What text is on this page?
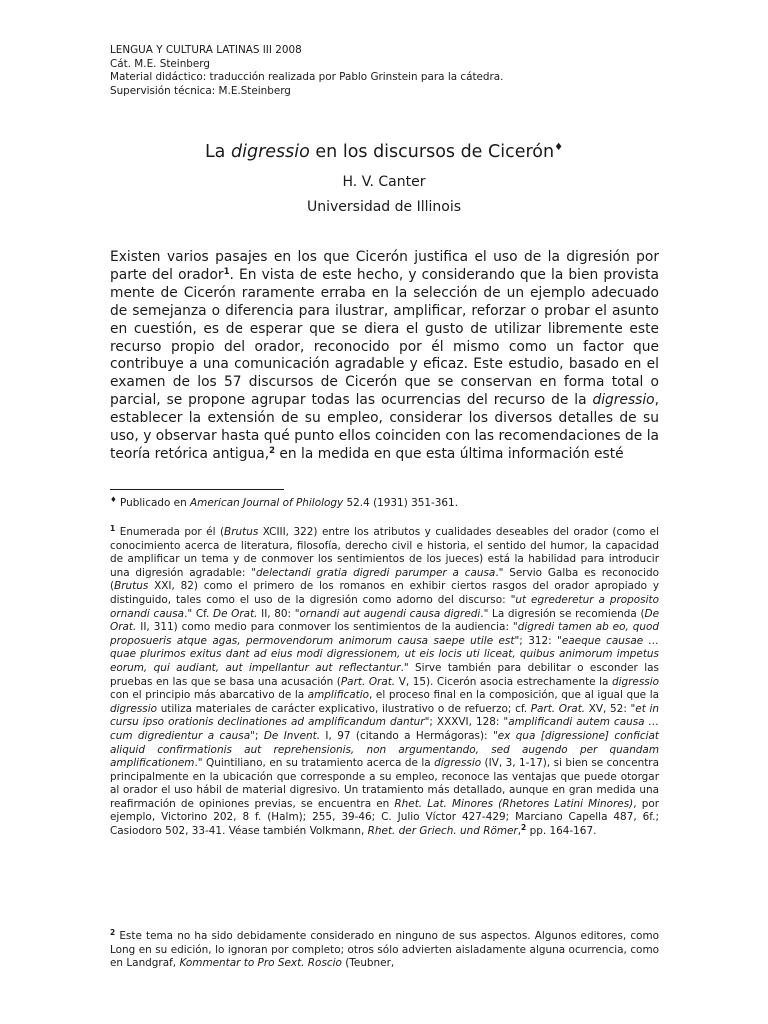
LENGUA Y CULTURA LATINAS III 2008
Cát. M.E. Steinberg
Material didáctico: traducción realizada por Pablo Grinstein para la cátedra.
Supervisión técnica: M.E.Steinberg
La digressio en los discursos de Cicerón♦
H. V. Canter
Universidad de Illinois
Existen varios pasajes en los que Cicerón justifica el uso de la digresión por parte del orador$^1$. En vista de este hecho, y considerando que la bien provista mente de Cicerón raramente erraba en la selección de un ejemplo adecuado de semejanza o diferencia para ilustrar, amplificar, reforzar o probar el asunto en cuestión, es de esperar que se diera el gusto de utilizar libremente este recurso propio del orador, reconocido por él mismo como un factor que contribuye a una comunicación agradable y eficaz. Este estudio, basado en el examen de los 57 discursos de Cicerón que se conservan en forma total o parcial, se propone agrupar todas las ocurrencias del recurso de la digressio, establecer la extensión de su empleo, considerar los diversos detalles de su uso, y observar hasta qué punto ellos coinciden con las recomendaciones de la teoría retórica antigua,$^2$ en la medida en que esta última información esté
♦ Publicado en American Journal of Philology 52.4 (1931) 351-361.
$^1$ Enumerada por él (Brutus XCIII, 322) entre los atributos y cualidades deseables del orador (como el conocimiento acerca de literatura, filosofía, derecho civil e historia, el sentido del humor, la capacidad de amplificar un tema y de conmover los sentimientos de los jueces) está la habilidad para introducir una digresión agradable: "delectandi gratia digredi parumper a causa." Servio Galba es reconocido (Brutus XXI, 82) como el primero de los romanos en exhibir ciertos rasgos del orador apropiado y distinguido, tales como el uso de la digresión como adorno del discurso: "ut egrederetur a proposito ornandi causa." Cf. De Orat. II, 80: "ornandi aut augendi causa digredi." La digresión se recomienda (De Orat. II, 311) como medio para conmover los sentimientos de la audiencia: "digredi tamen ab eo, quod proposueris atque agas, permovendorum animorum causa saepe utile est"; 312: "eaeque causae … quae plurimos exitus dant ad eius modi digressionem, ut eis locis uti liceat, quibus animorum impetus eorum, qui audiant, aut impellantur aut reflectantur." Sirve también para debilitar o esconder las pruebas en las que se basa una acusación (Part. Orat. V, 15). Cicerón asocia estrechamente la digressio con el principio más abarcativo de la amplificatio, el proceso final en la composición, que al igual que la digressio utiliza materiales de carácter explicativo, ilustrativo o de refuerzo; cf. Part. Orat. XV, 52: "et in cursu ipso orationis declinationes ad amplificandum dantur"; XXXVI, 128: "amplificandi autem causa … cum digredientur a causa"; De Invent. I, 97 (citando a Hermágoras): "ex qua [digressione] conficiat aliquid confirmationis aut reprehensionis, non argumentando, sed augendo per quandam amplificationem." Quintiliano, en su tratamiento acerca de la digressio (IV, 3, 1-17), si bien se concentra principalmente en la ubicación que corresponde a su empleo, reconoce las ventajas que puede otorgar al orador el uso hábil de material digresivo. Un tratamiento más detallado, aunque en gran medida una reafirmación de opiniones previas, se encuentra en Rhet. Lat. Minores (Rhetores Latini Minores), por ejemplo, Victorino 202, 8 f. (Halm); 255, 39-46; C. Julio Víctor 427-429; Marciano Capella 487, 6f.; Casiodoro 502, 33-41. Véase también Volkmann, Rhet. der Griech. und Römer,$^2$ pp. 164-167.
$^2$ Este tema no ha sido debidamente considerado en ninguno de sus aspectos. Algunos editores, como Long en su edición, lo ignoran por completo; otros sólo advierten aisladamente alguna ocurrencia, como en Landgraf, Kommentar to Pro Sext. Roscio (Teubner,
